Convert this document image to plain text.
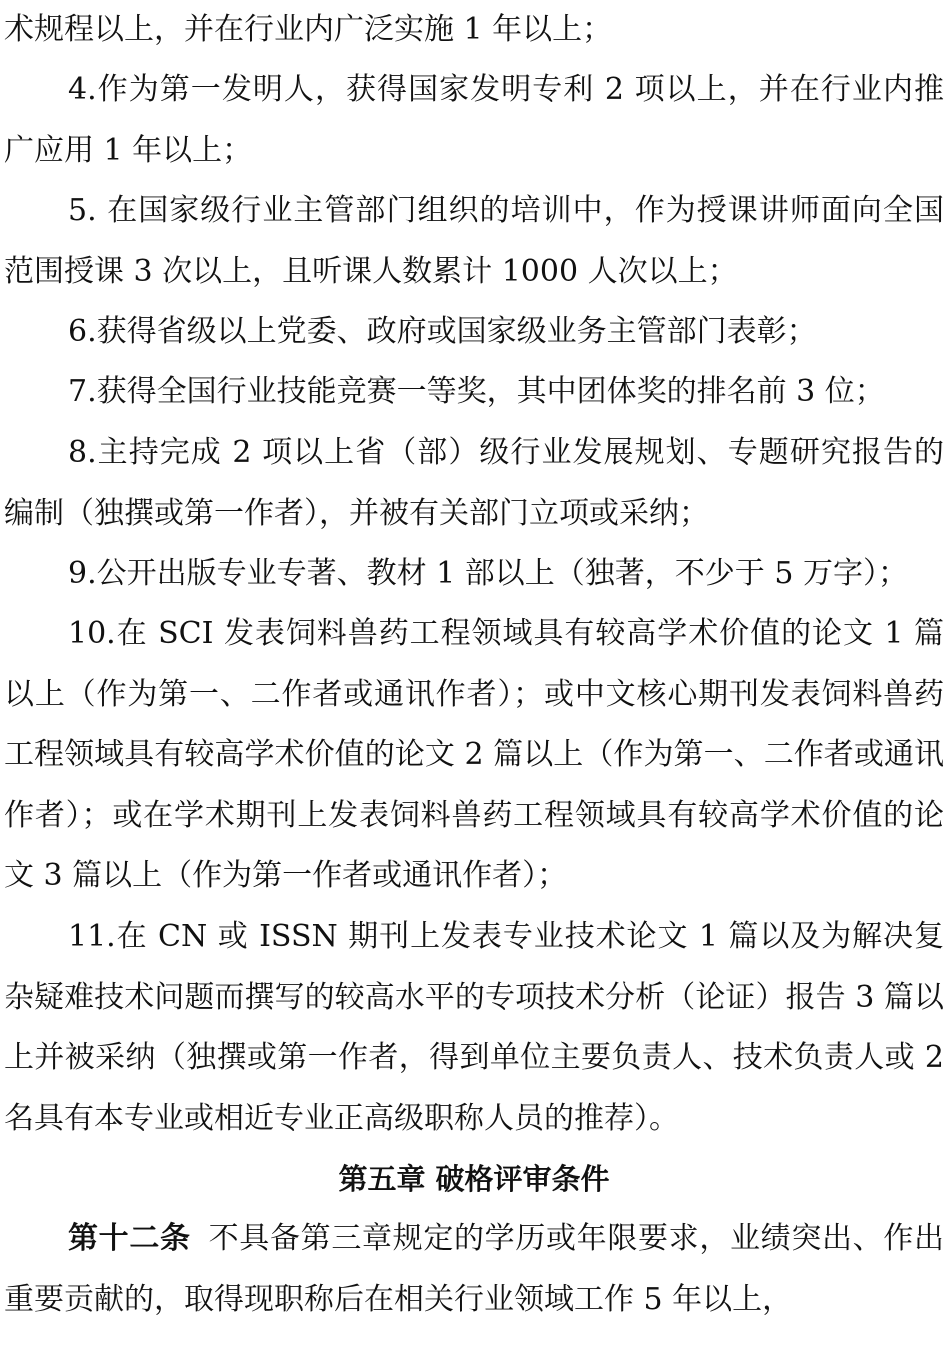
术规程以上，并在行业内广泛实施 1 年以上；

4.作为第一发明人，获得国家发明专利 2 项以上，并在行业内推广应用 1 年以上；

5. 在国家级行业主管部门组织的培训中，作为授课讲师面向全国范围授课 3 次以上，且听课人数累计 1000 人次以上；

6.获得省级以上党委、政府或国家级业务主管部门表彰；

7.获得全国行业技能竞赛一等奖，其中团体奖的排名前 3 位；

8.主持完成 2 项以上省（部）级行业发展规划、专题研究报告的编制（独撰或第一作者），并被有关部门立项或采纳；

9.公开出版专业专著、教材 1 部以上（独著，不少于 5 万字）；

10.在 SCI 发表饲料兽药工程领域具有较高学术价值的论文 1 篇以上（作为第一、二作者或通讯作者）；或中文核心期刊发表饲料兽药工程领域具有较高学术价值的论文 2 篇以上（作为第一、二作者或通讯作者）；或在学术期刊上发表饲料兽药工程领域具有较高学术价值的论文 3 篇以上（作为第一作者或通讯作者）；

11.在 CN 或 ISSN 期刊上发表专业技术论文 1 篇以及为解决复杂疑难技术问题而撰写的较高水平的专项技术分析（论证）报告 3 篇以上并被采纳（独撰或第一作者，得到单位主要负责人、技术负责人或 2 名具有本专业或相近专业正高级职称人员的推荐）。

第五章 破格评审条件

第十二条 不具备第三章规定的学历或年限要求，业绩突出、作出重要贡献的，取得现职称后在相关行业领域工作 5 年以上，
